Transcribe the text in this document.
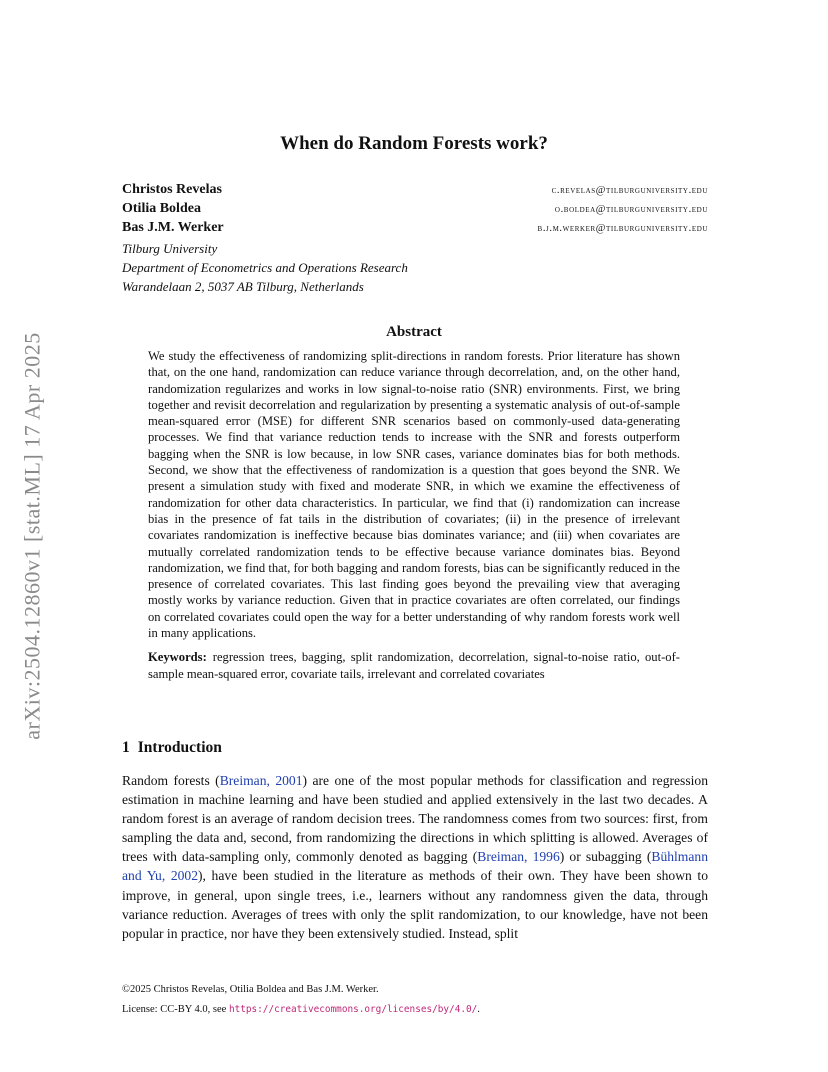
arXiv:2504.12860v1 [stat.ML] 17 Apr 2025
When do Random Forests work?
Christos Revelas	c.revelas@tilburguniversity.edu
Otilia Boldea	o.boldea@tilburguniversity.edu
Bas J.M. Werker	b.j.m.werker@tilburguniversity.edu
Tilburg University
Department of Econometrics and Operations Research
Warandelaan 2, 5037 AB Tilburg, Netherlands
Abstract

We study the effectiveness of randomizing split-directions in random forests. Prior literature has shown that, on the one hand, randomization can reduce variance through decorrelation, and, on the other hand, randomization regularizes and works in low signal-to-noise ratio (SNR) environments. First, we bring together and revisit decorrelation and regularization by presenting a systematic analysis of out-of-sample mean-squared error (MSE) for different SNR scenarios based on commonly-used data-generating processes. We find that variance reduction tends to increase with the SNR and forests outperform bagging when the SNR is low because, in low SNR cases, variance dominates bias for both methods. Second, we show that the effectiveness of randomization is a question that goes beyond the SNR. We present a simulation study with fixed and moderate SNR, in which we examine the effectiveness of randomization for other data characteristics. In particular, we find that (i) randomization can increase bias in the presence of fat tails in the distribution of covariates; (ii) in the presence of irrelevant covariates randomization is ineffective because bias dominates variance; and (iii) when covariates are mutually correlated randomization tends to be effective because variance dominates bias. Beyond randomization, we find that, for both bagging and random forests, bias can be significantly reduced in the presence of correlated covariates. This last finding goes beyond the prevailing view that averaging mostly works by variance reduction. Given that in practice covariates are often correlated, our findings on correlated covariates could open the way for a better understanding of why random forests work well in many applications.

Keywords: regression trees, bagging, split randomization, decorrelation, signal-to-noise ratio, out-of-sample mean-squared error, covariate tails, irrelevant and correlated covariates

1 Introduction

Random forests (Breiman, 2001) are one of the most popular methods for classification and regression estimation in machine learning and have been studied and applied extensively in the last two decades. A random forest is an average of random decision trees. The randomness comes from two sources: first, from sampling the data and, second, from randomizing the directions in which splitting is allowed. Averages of trees with data-sampling only, commonly denoted as bagging (Breiman, 1996) or subagging (Bühlmann and Yu, 2002), have been studied in the literature as methods of their own. They have been shown to improve, in general, upon single trees, i.e., learners without any randomness given the data, through variance reduction. Averages of trees with only the split randomization, to our knowledge, have not been popular in practice, nor have they been extensively studied. Instead, split

©2025 Christos Revelas, Otilia Boldea and Bas J.M. Werker.
License: CC-BY 4.0, see https://creativecommons.org/licenses/by/4.0/.
